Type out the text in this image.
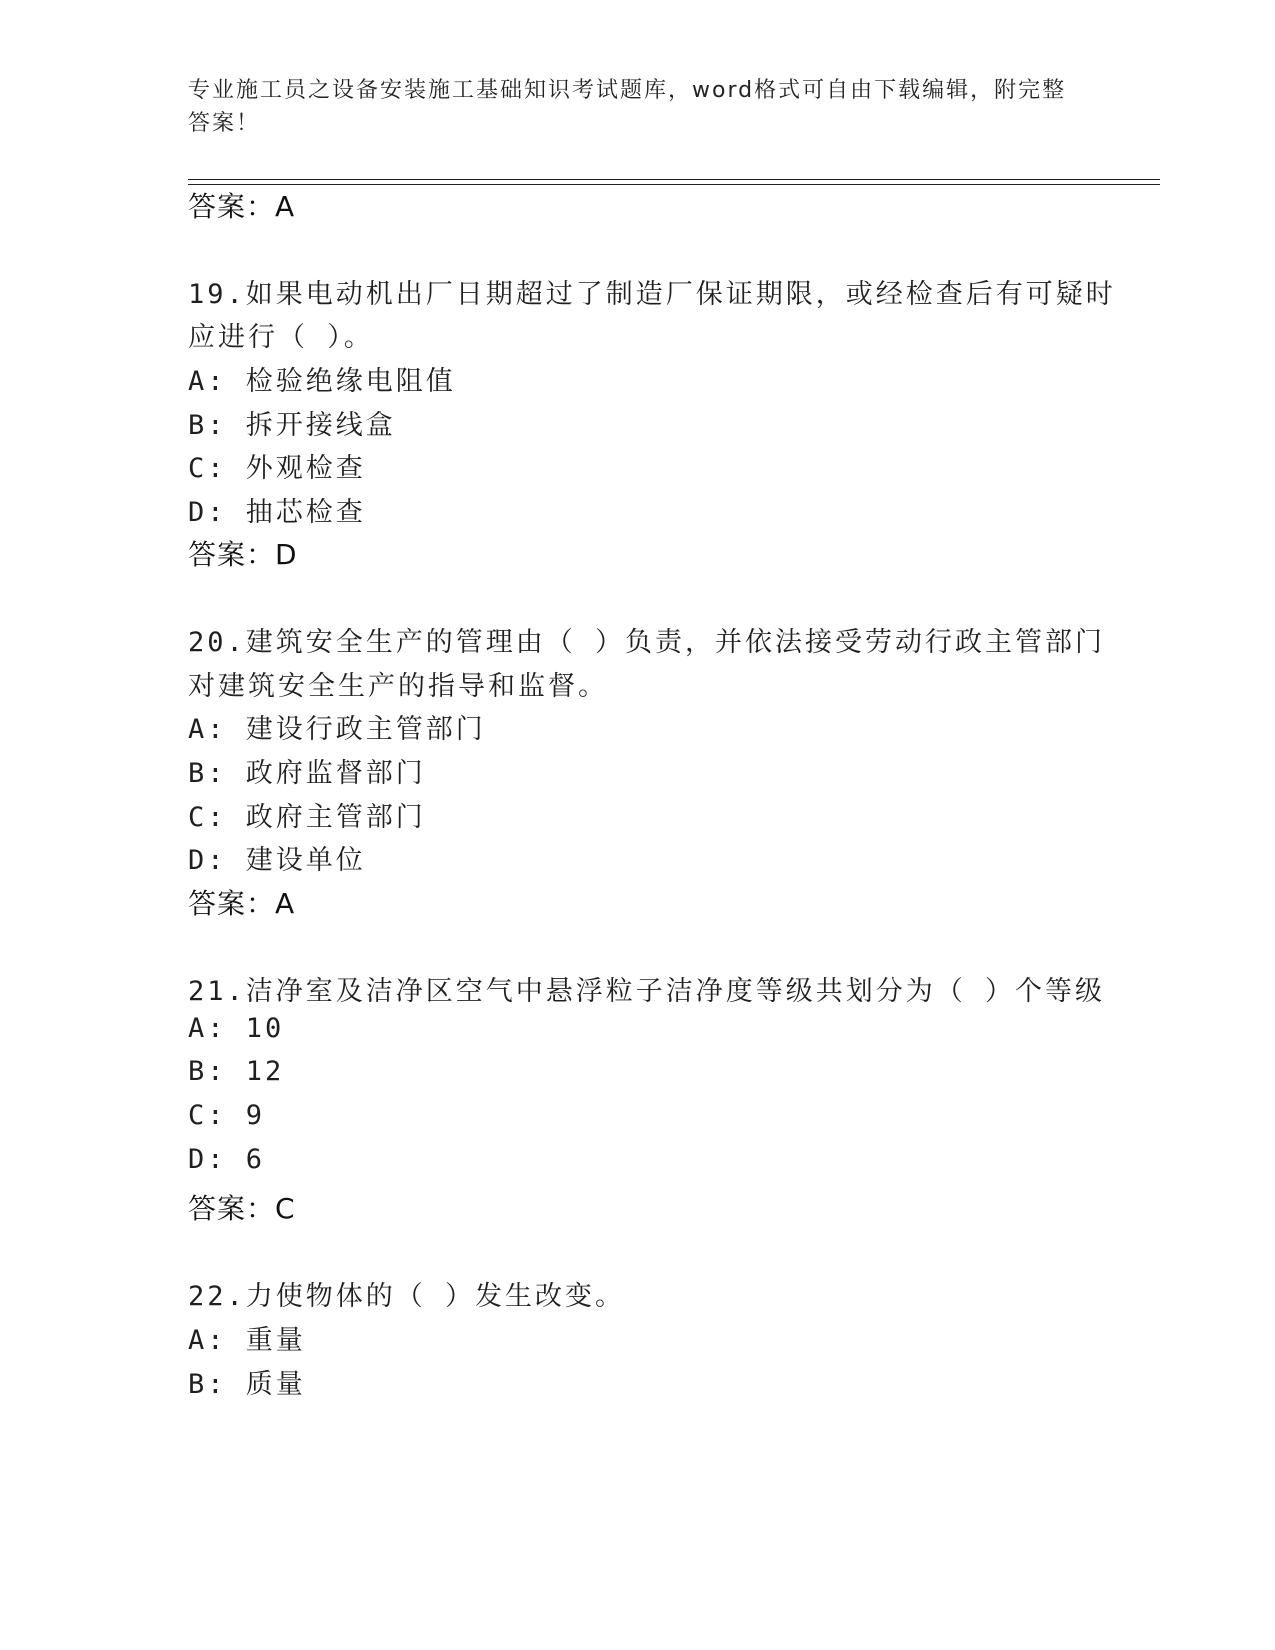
专业施工员之设备安装施工基础知识考试题库，word格式可自由下载编辑，附完整答案！
答案：A
19.如果电动机出厂日期超过了制造厂保证期限，或经检查后有可疑时
应进行（ ）。
A: 检验绝缘电阻值
B: 拆开接线盒
C: 外观检查
D: 抽芯检查
答案：D
20.建筑安全生产的管理由（ ）负责，并依法接受劳动行政主管部门
对建筑安全生产的指导和监督。
A: 建设行政主管部门
B: 政府监督部门
C: 政府主管部门
D: 建设单位
答案：A
21.洁净室及洁净区空气中悬浮粒子洁净度等级共划分为（ ）个等级
A: 10
B: 12
C: 9
D: 6
答案：C
22.力使物体的（ ）发生改变。
A: 重量
B: 质量
